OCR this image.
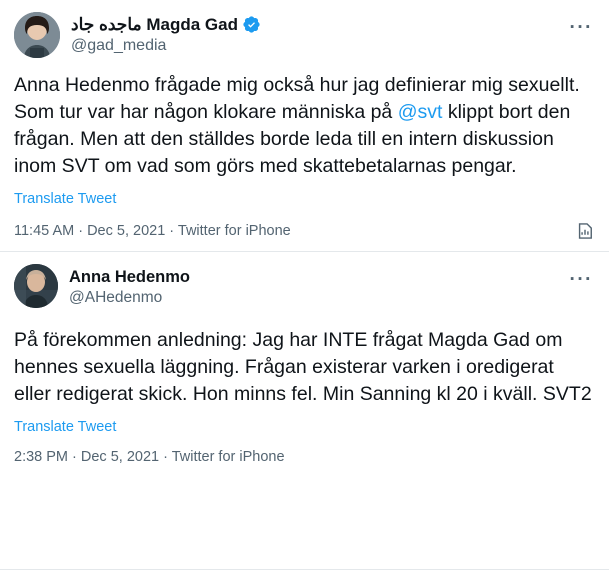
ماجده جاد Magda Gad
@gad_media
···
Anna Hedenmo frågade mig också hur jag definierar mig sexuellt. Som tur var har någon klokare människa på @svt klippt bort den frågan. Men att den ställdes borde leda till en intern diskussion inom SVT om vad som görs med skattebetalarnas pengar.
Translate Tweet
11:45 AM · Dec 5, 2021 · Twitter for iPhone
Anna Hedenmo
@AHedenmo
···
På förekommen anledning: Jag har INTE frågat Magda Gad om hennes sexuella läggning. Frågan existerar varken i oredigerat eller redigerat skick. Hon minns fel. Min Sanning kl 20 i kväll. SVT2
Translate Tweet
2:38 PM · Dec 5, 2021 · Twitter for iPhone
